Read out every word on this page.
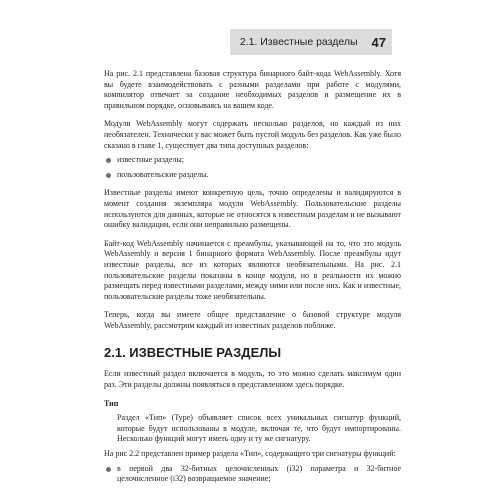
2.1. Известные разделы 47

На рис. 2.1 представлена базовая структура бинарного байт-кода WebAssembly. Хотя вы будете взаимодействовать с разными разделами при работе с модулями, компилятор отвечает за создание необходимых разделов и размещение их в правильном порядке, основываясь на вашем коде.

Модули WebAssembly могут содержать несколько разделов, но каждый из них необязателен. Технически у вас может быть пустой модуль без разделов. Как уже было сказано в главе 1, существует два типа доступных разделов:

известные разделы;
пользовательские разделы.

Известные разделы имеют конкретную цель, точно определены и валидируются в момент создания экземпляра модуля WebAssembly. Пользовательские разделы используются для данных, которые не относятся к известным разделам и не вызывают ошибку валидации, если они неправильно размещены.

Байт-код WebAssembly начинается с преамбулы, указывающей на то, что это модуль WebAssembly и версия 1 бинарного формата WebAssembly. После преамбулы идут известные разделы, все из которых являются необязательными. На рис. 2.1 пользовательские разделы показаны в конце модуля, но в реальности их можно размещать перед известными разделами, между ними или после них. Как и известные, пользовательские разделы тоже необязательны.

Теперь, когда вы имеете общее представление о базовой структуре модуля WebAssembly, рассмотрим каждый из известных разделов поближе.

2.1. ИЗВЕСТНЫЕ РАЗДЕЛЫ

Если известный раздел включается в модуль, то это можно сделать максимум один раз. Эти разделы должны появляться в представленном здесь порядке.

Тип

Раздел «Тип» (Type) объявляет список всех уникальных сигнатур функций, которые будут использованы в модуле, включая те, что будут импортированы. Несколько функций могут иметь одну и ту же сигнатуру.

На рис 2.2 представлен пример раздела «Тип», содержащего три сигнатуры функций:

в первой два 32-битных целочисленных (i32) параметра и 32-битное целочисленное (i32) возвращаемое значение;
